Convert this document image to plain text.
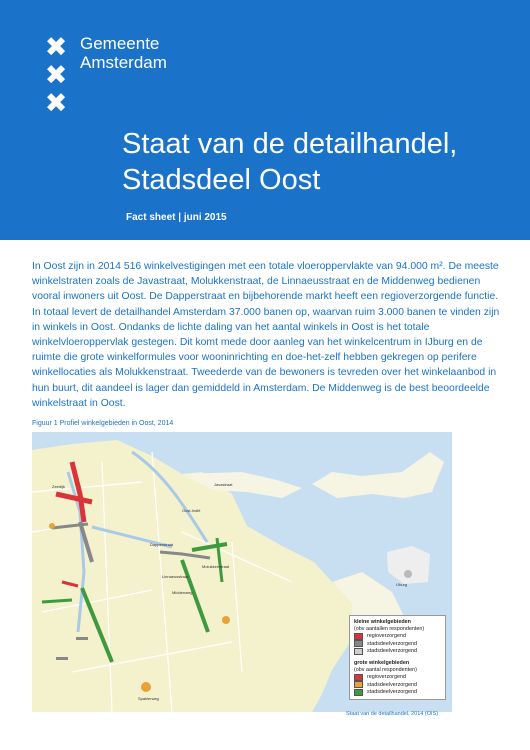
✖
✖
✖
Gemeente
Amsterdam
Staat van de detailhandel,
Stadsdeel Oost
Fact sheet | juni 2015

In Oost zijn in 2014 516 winkelvestigingen met een totale vloeroppervlakte van 94.000 m². De meeste winkelstraten zoals de Javastraat, Molukkenstraat, de Linnaeusstraat en de Middenweg bedienen vooral inwoners uit Oost. De Dapperstraat en bijbehorende markt heeft een regioverzorgende functie. In totaal levert de detailhandel Amsterdam 37.000 banen op, waarvan ruim 3.000 banen te vinden zijn in winkels in Oost. Ondanks de lichte daling van het aantal winkels in Oost is het totale winkelvloeroppervlak gestegen. Dit komt mede door aanleg van het winkelcentrum in IJburg en de ruimte die grote winkelformules voor wooninrichting en doe-het-zelf hebben gekregen op perifere winkellocaties als Molukkenstraat. Tweederde van de bewoners is tevreden over het winkelaanbod in hun buurt, dit aandeel is lager dan gemiddeld in Amsterdam. De Middenweg is de best beoordeelde winkelstraat in Oost.

Figuur 1 Profiel winkelgebieden in Oost, 2014
Zeedijk
Oost-Indië
Dapperstraat
Molukkenstraat
Linnaeusstraat
Middenweg
Javastraat
IJburg
Spaklerweg
kleine winkelgebieden
(obv aantallen respondenten)
regioverzorgend
stadsdeelverzorgend
stadsdeelverzorgend
grote winkelgebieden
(obv aantal respondenten)
regioverzorgend
stadsdeelverzorgend
stadsdeelverzorgend
Staat van de detailhandel, 2014 (OIS)
